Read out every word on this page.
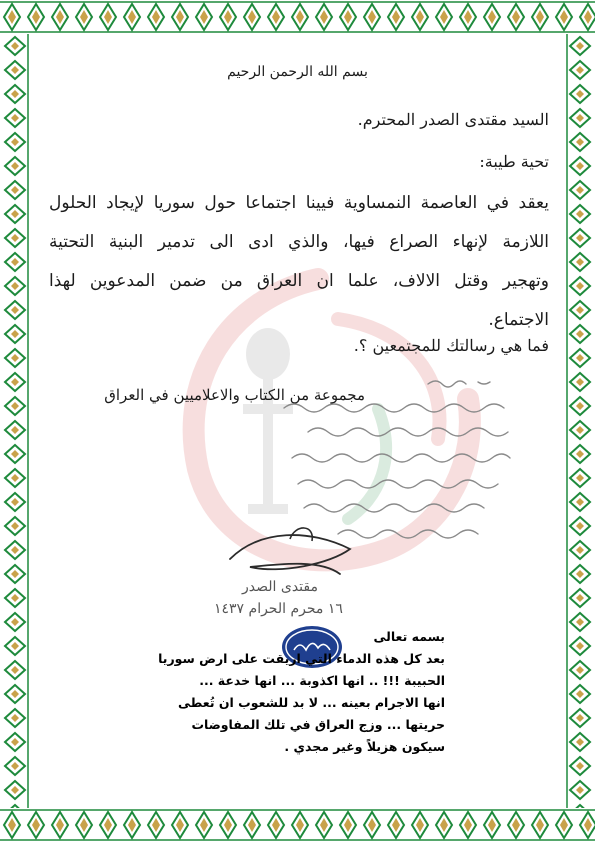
بسم الله الرحمن الرحيم
السيد مقتدى الصدر المحترم.
تحية طيبة:
يعقد في العاصمة النمساوية فيينا اجتماعا حول سوريا لإيجاد الحلول
اللازمة لإنهاء الصراع فيها، والذي ادى الى تدمير البنية التحتية
وتهجير وقتل الالاف، علما ان العراق من ضمن المدعوين لهذا
الاجتماع.
فما هي رسالتك للمجتمعين ؟.
مجموعة من الكتاب والاعلاميين في العراق
مقتدى الصدر
١٦ محرم الحرام ١٤٣٧
بسمه تعالى
بعد كل هذه الدماء التي اريقت على ارض سوريا
الحبيبة !!! .. انها اكذوبة ... انها خدعة ...
انها الاجرام بعينه ... لا بد للشعوب ان تُعطى
حريتها ... وزج العراق في تلك المفاوضات
سيكون هزيلاً وغير مجدي .
